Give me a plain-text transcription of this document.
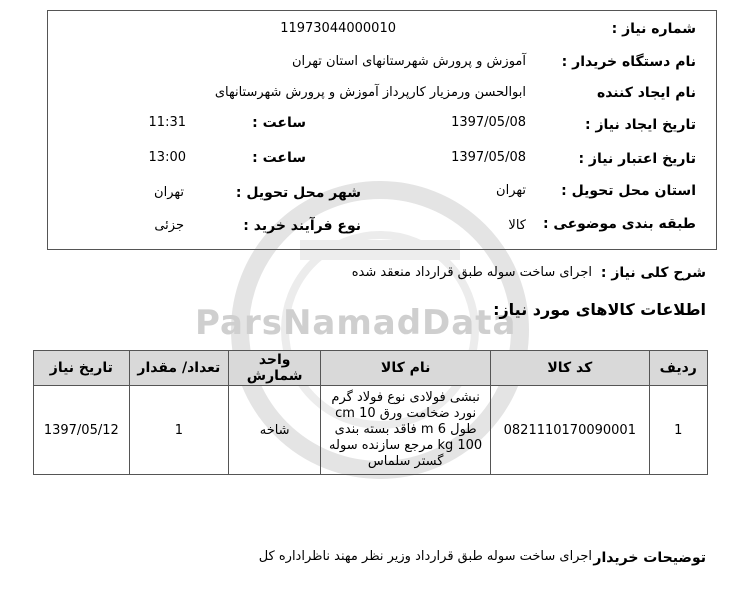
ParsNamadData
شماره نیاز :
11973044000010
نام دستگاه خریدار :
آموزش و پرورش شهرستانهای استان تهران
نام ایجاد کننده
ابوالحسن ورمزیار کارپرداز آموزش و پرورش شهرستانهای
تاریخ ایجاد نیاز :
1397/05/08
ساعت :
11:31
تاریخ اعتبار نیاز :
1397/05/08
ساعت :
13:00
استان محل تحویل :
تهران
شهر محل تحویل :
تهران
طبقه بندی موضوعی :
کالا
نوع فرآیند خرید :
جزئی
شرح کلی نیاز :
اجرای ساخت سوله طبق قرارداد منعقد شده
اطلاعات کالاهای مورد نیاز:
ردیف	کد کالا	نام کالا	واحد شمارش	تعداد/ مقدار	تاریخ نیاز
1	0821110170090001	نبشی فولادی نوع فولاد گرم نورد ضخامت ورق 10 cm طول 6 m فاقد بسته بندی 100 kg مرجع سازنده سوله گستر سلماس	شاخه	1	1397/05/12
توضیحات خریدار
اجرای ساخت سوله طبق قرارداد وزیر نظر مهند ناظراداره کل
